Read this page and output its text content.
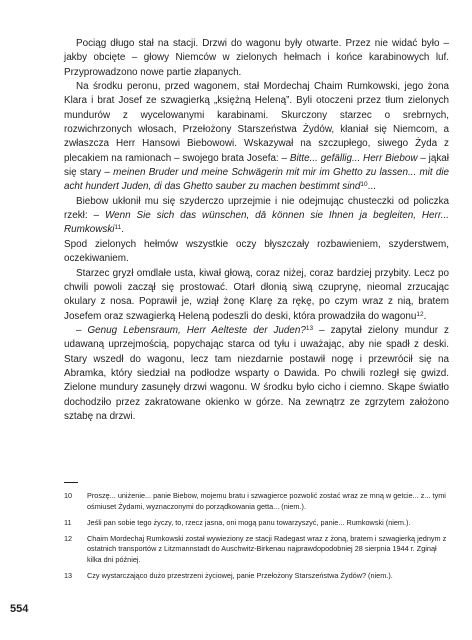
Pociąg długo stał na stacji. Drzwi do wagonu były otwarte. Przez nie widać było – jakby obcięte – głowy Niemców w zielonych hełmach i końce karabinowych luf. Przyprowadzono nowe partie złapanych.

Na środku peronu, przed wagonem, stał Mordechaj Chaim Rumkowski, jego żona Klara i brat Josef ze szwagierką „księżną Heleną”. Byli otoczeni przez tłum zielonych mundurów z wycelowanymi karabinami. Skurczony starzec o srebrnych, rozwichrzonych włosach, Przełożony Starszeństwa Żydów, kłaniał się Niemcom, a zwłaszcza Herr Hansowi Biebowowi. Wskazywał na szczupłego, siwego Żyda z plecakiem na ramionach – swojego brata Josefa: – Bitte... gefällig... Herr Biebow – jąkał się stary – meinen Bruder und meine Schwägerin mit mir im Ghetto zu lassen... mit die acht hundert Juden, di das Ghetto sauber zu machen bestimmt sind$^{10}$...

Biebow ukłonił mu się szyderczo uprzejmie i nie odejmując chusteczki od policzka rzekł: – Wenn Sie sich das wünschen, dā können sie Ihnen ja begleiten, Herr... Rumkowski$^{11}$.

Spod zielonych hełmów wszystkie oczy błyszczały rozbawieniem, szyderstwem, oczekiwaniem.

Starzec gryzł omdlałe usta, kiwał głową, coraz niżej, coraz bardziej przybity. Lecz po chwili powoli zaczął się prostować. Otarł dłonią siwą czuprynę, nieomal zrzucając okulary z nosa. Poprawił je, wziął żonę Klarę za rękę, po czym wraz z nią, bratem Josefem oraz szwagierką Heleną podeszli do deski, która prowadziła do wagonu$^{12}$.

– Genug Lebensraum, Herr Aelteste der Juden?$^{13}$ – zapytał zielony mundur z udawaną uprzejmością, popychając starca od tyłu i uważając, aby nie spadł z deski. Stary wszedł do wagonu, lecz tam niezdarnie postawił nogę i przewrócił się na Abramka, który siedział na podłodze wsparty o Dawida. Po chwili rozległ się gwizd. Zielone mundury zasunęły drzwi wagonu. W środku było cicho i ciemno. Skąpe światło dochodziło przez zakratowane okienko w górze. Na zewnątrz ze zgrzytem założono sztabę na drzwi.

10	Proszę... uniżenie... panie Biebow, mojemu bratu i szwagierce pozwolić zostać wraz ze mną w getcie... z... tymi ośmiuset Żydami, wyznaczonymi do porządkowania getta... (niem.).
11	Jeśli pan sobie tego życzy, to, rzecz jasna, oni mogą panu towarzyszyć, panie... Rumkowski (niem.).
12	Chaim Mordechaj Rumkowski został wywieziony ze stacji Radegast wraz z żoną, bratem i szwagierką jednym z ostatnich transportów z Litzmannstadt do Auschwitz-Birkenau najprawdopodobniej 28 sierpnia 1944 r. Zginął kilka dni później.
13	Czy wystarczająco dużo przestrzeni życiowej, panie Przełożony Starszeństwa Żydów? (niem.).
554
